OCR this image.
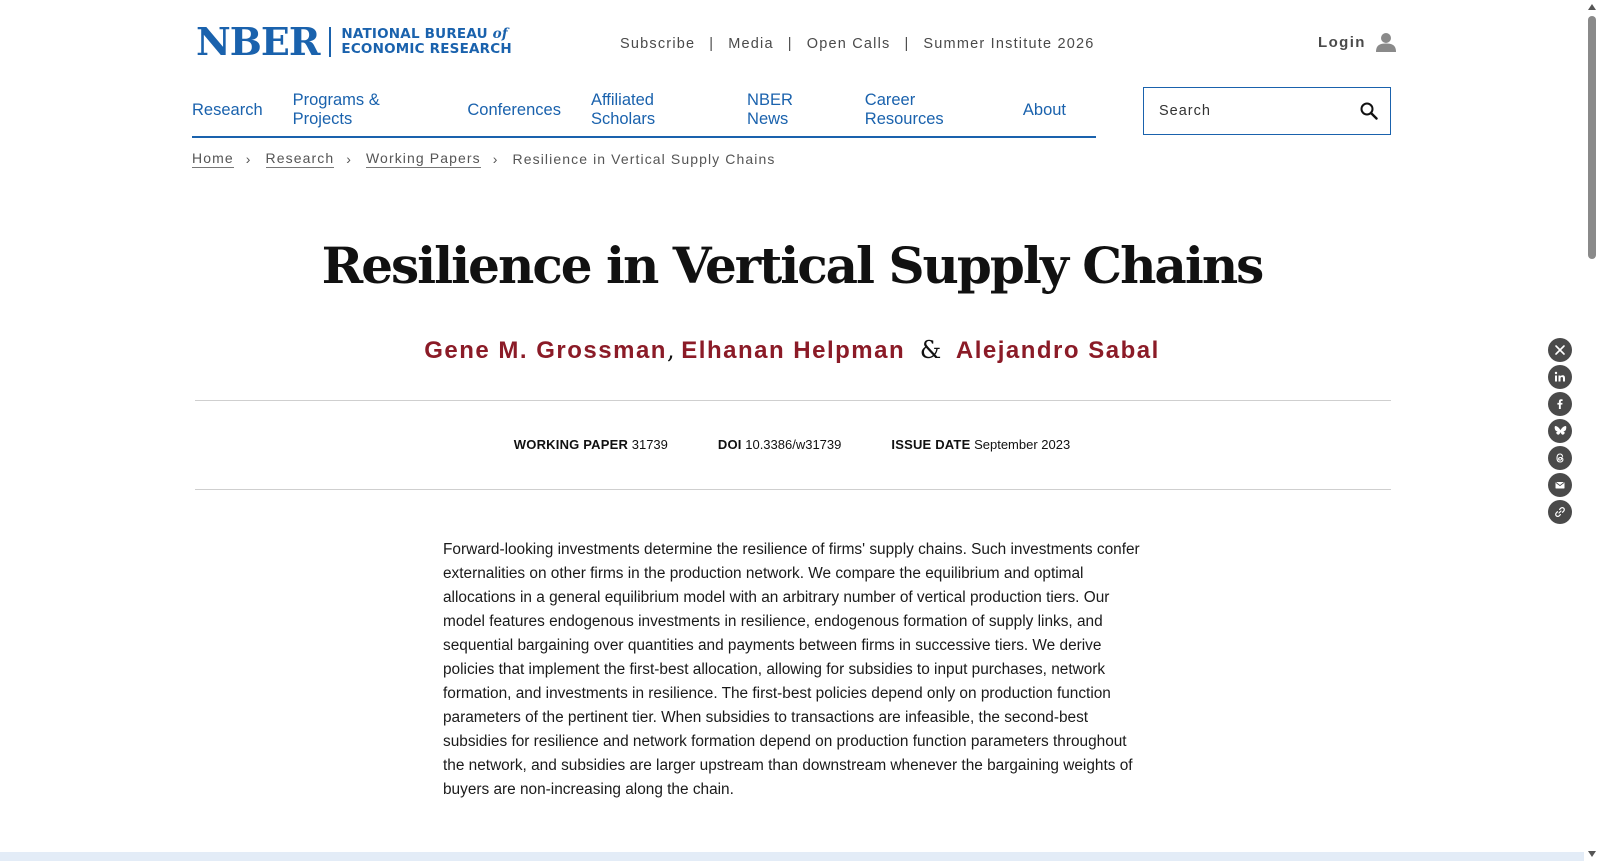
NBER NATIONAL BUREAU of
ECONOMIC RESEARCH	Subscribe | Media | Open Calls | Summer Institute 2026	Login
Research
Programs & Projects
Conferences
Affiliated Scholars
NBER News
Career Resources
About
Search
Home › Research › Working Papers › Resilience in Vertical Supply Chains
Resilience in Vertical Supply Chains
Gene M. Grossman, Elhanan Helpman & Alejandro Sabal
WORKING PAPER 31739	DOI 10.3386/w31739	ISSUE DATE September 2023

Forward-looking investments determine the resilience of firms' supply chains. Such investments confer externalities on other firms in the production network. We compare the equilibrium and optimal allocations in a general equilibrium model with an arbitrary number of vertical production tiers. Our model features endogenous investments in resilience, endogenous formation of supply links, and sequential bargaining over quantities and payments between firms in successive tiers. We derive policies that implement the first-best allocation, allowing for subsidies to input purchases, network formation, and investments in resilience. The first-best policies depend only on production function parameters of the pertinent tier. When subsidies to transactions are infeasible, the second-best subsidies for resilience and network formation depend on production function parameters throughout the network, and subsidies are larger upstream than downstream whenever the bargaining weights of buyers are non-increasing along the chain.
